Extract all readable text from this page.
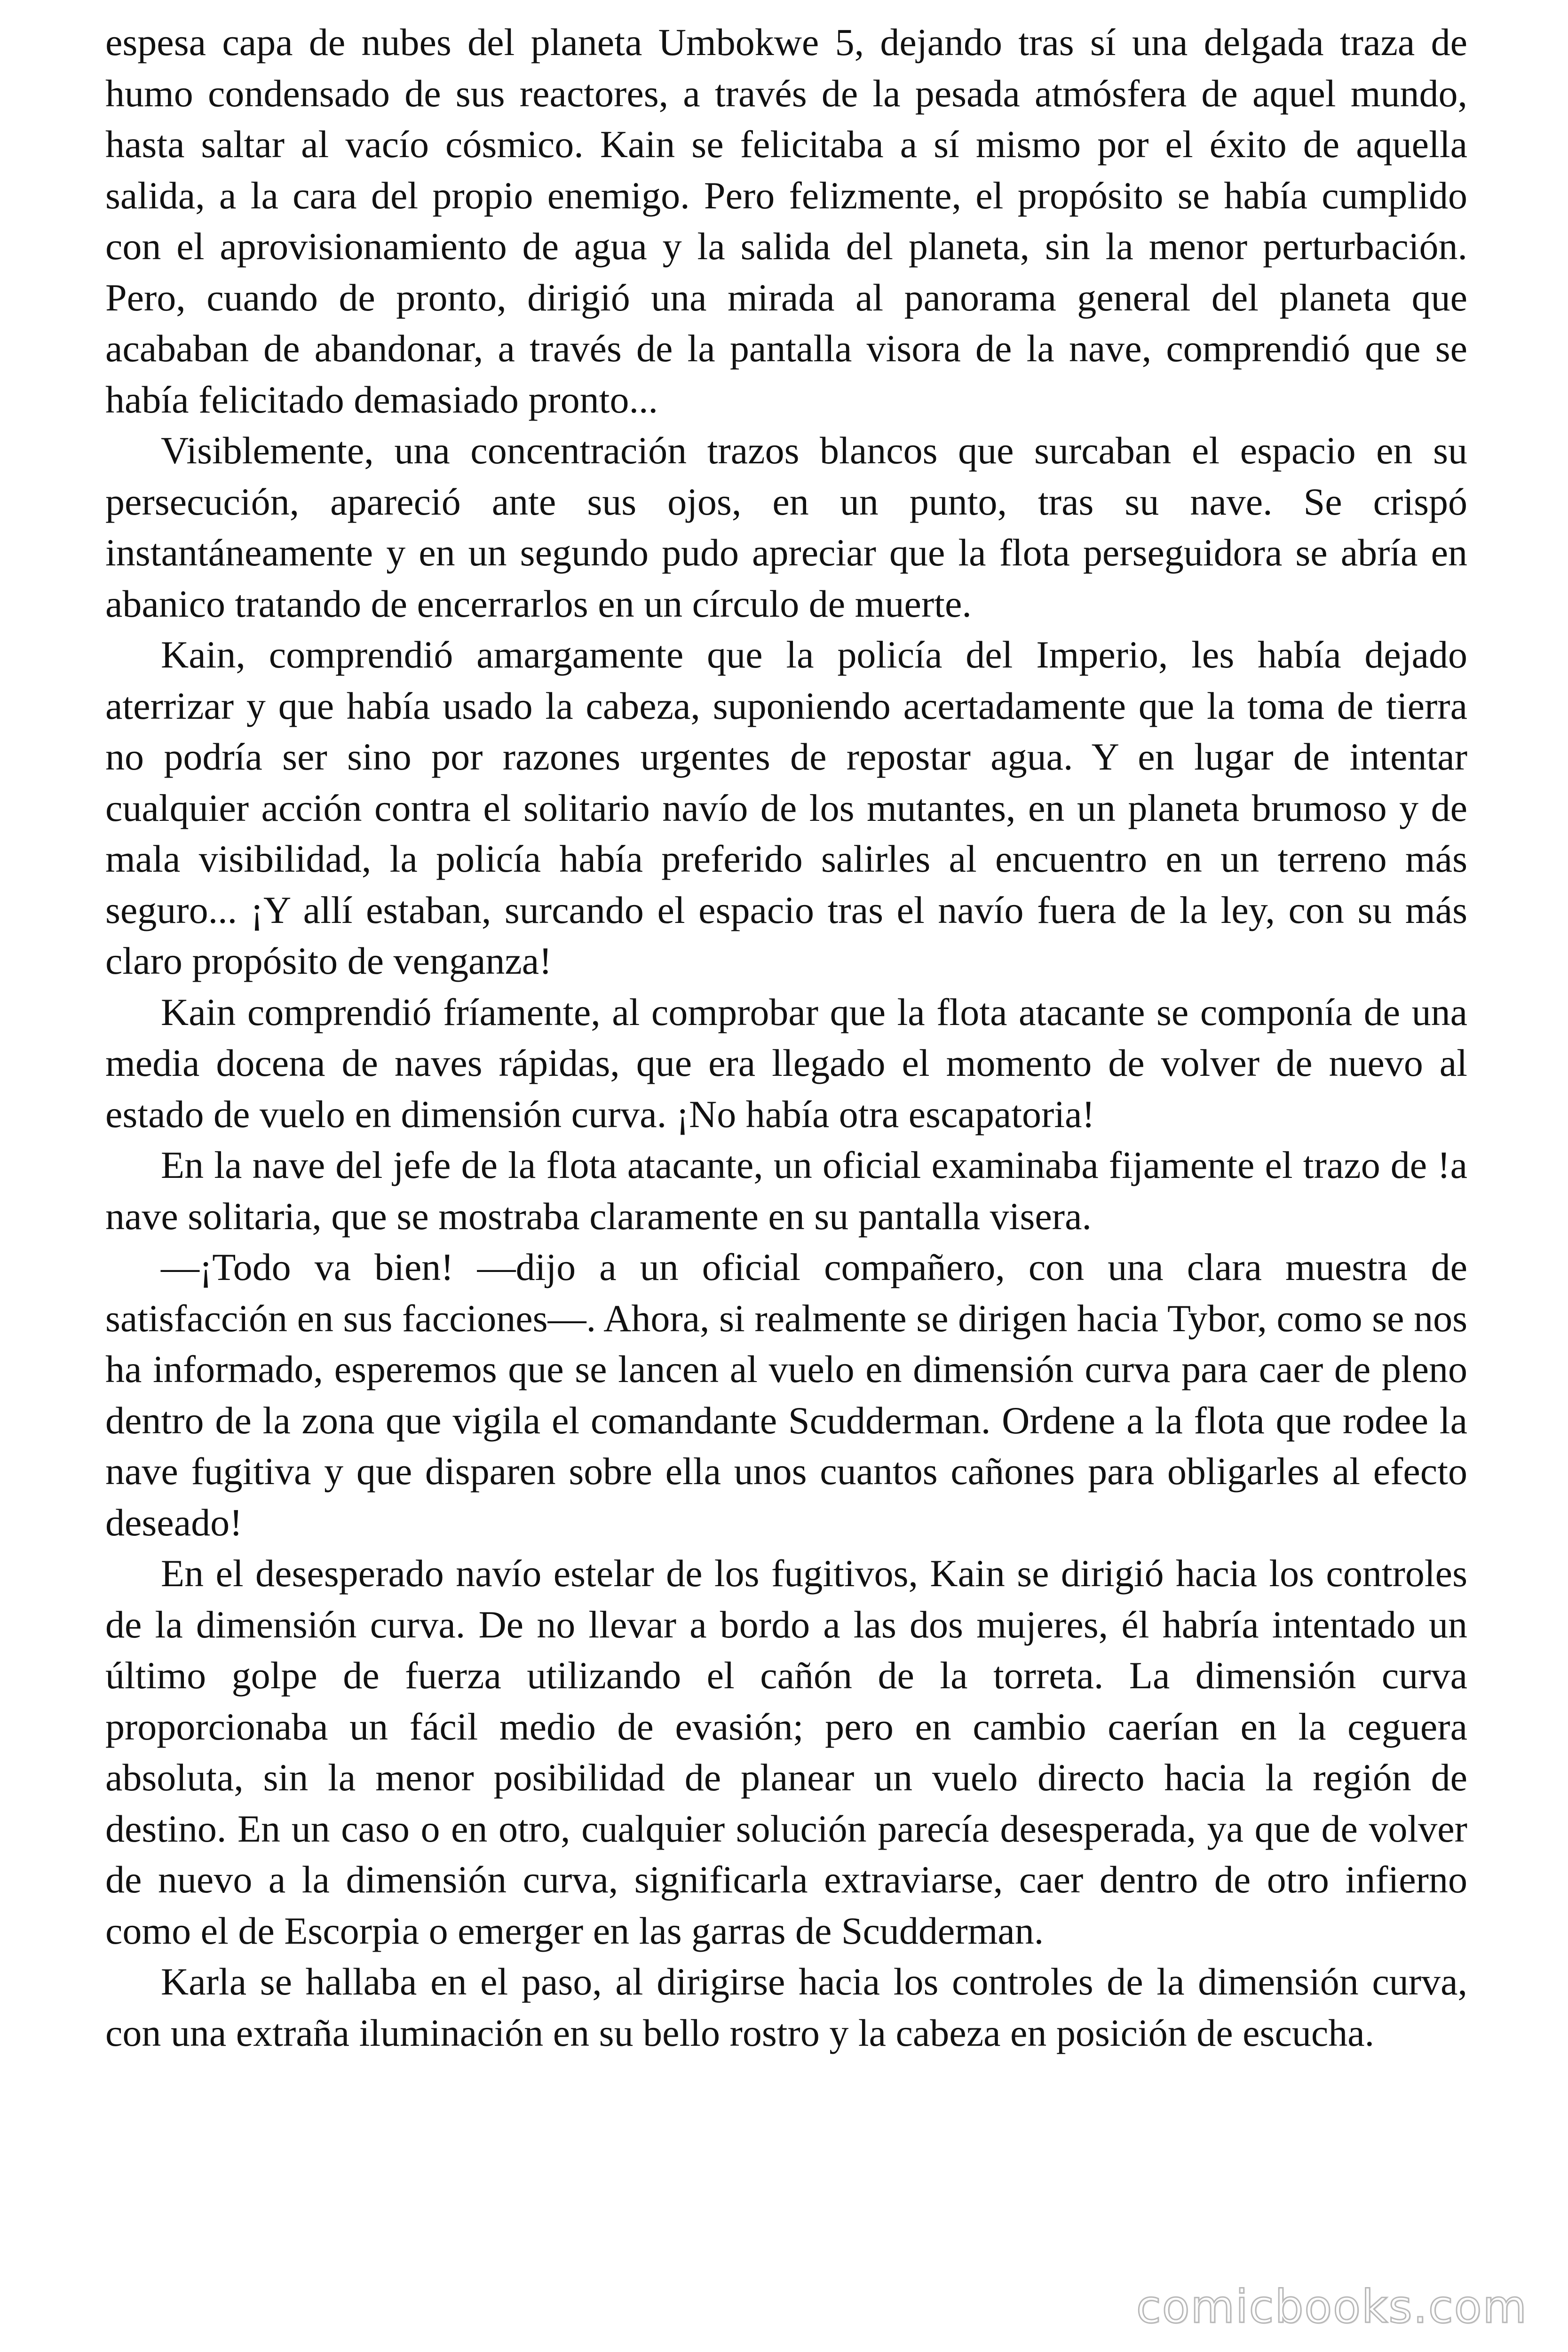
espesa capa de nubes del planeta Umbokwe 5, dejando tras sí una delgada traza de humo condensado de sus reactores, a través de la pesada atmósfera de aquel mundo, hasta saltar al vacío cósmico. Kain se felicitaba a sí mismo por el éxito de aquella salida, a la cara del propio enemigo. Pero felizmente, el propósito se había cumplido con el aprovisionamiento de agua y la salida del planeta, sin la menor perturbación. Pero, cuando de pronto, dirigió una mirada al panorama general del planeta que acababan de abandonar, a través de la pantalla visora de la nave, comprendió que se había felicitado demasiado pronto...

Visiblemente, una concentración trazos blancos que surcaban el espacio en su persecución, apareció ante sus ojos, en un punto, tras su nave. Se crispó instantáneamente y en un segundo pudo apreciar que la flota perseguidora se abría en abanico tratando de encerrarlos en un círculo de muerte.

Kain, comprendió amargamente que la policía del Imperio, les había dejado aterrizar y que había usado la cabeza, suponiendo acertadamente que la toma de tierra no podría ser sino por razones urgentes de repostar agua. Y en lugar de intentar cualquier acción contra el solitario navío de los mutantes, en un planeta brumoso y de mala visibilidad, la policía había preferido salirles al encuentro en un terreno más seguro... ¡Y allí estaban, surcando el espacio tras el navío fuera de la ley, con su más claro propósito de venganza!

Kain comprendió fríamente, al comprobar que la flota atacante se componía de una media docena de naves rápidas, que era llegado el momento de volver de nuevo al estado de vuelo en dimensión curva. ¡No había otra escapatoria!

En la nave del jefe de la flota atacante, un oficial examinaba fijamente el trazo de !a nave solitaria, que se mostraba claramente en su pantalla visera.

—¡Todo va bien! —dijo a un oficial compañero, con una clara muestra de satisfacción en sus facciones—. Ahora, si realmente se dirigen hacia Tybor, como se nos ha informado, esperemos que se lancen al vuelo en dimensión curva para caer de pleno dentro de la zona que vigila el comandante Scudderman. Ordene a la flota que rodee la nave fugitiva y que disparen sobre ella unos cuantos cañones para obligarles al efecto deseado!

En el desesperado navío estelar de los fugitivos, Kain se dirigió hacia los controles de la dimensión curva. De no llevar a bordo a las dos mujeres, él habría intentado un último golpe de fuerza utilizando el cañón de la torreta. La dimensión curva proporcionaba un fácil medio de evasión; pero en cambio caerían en la ceguera absoluta, sin la menor posibilidad de planear un vuelo directo hacia la región de destino. En un caso o en otro, cualquier solución parecía desesperada, ya que de volver de nuevo a la dimensión curva, significarla extraviarse, caer dentro de otro infierno como el de Escorpia o emerger en las garras de Scudderman.

Karla se hallaba en el paso, al dirigirse hacia los controles de la dimensión curva, con una extraña iluminación en su bello rostro y la cabeza en posición de escucha.

comicbooks.com
